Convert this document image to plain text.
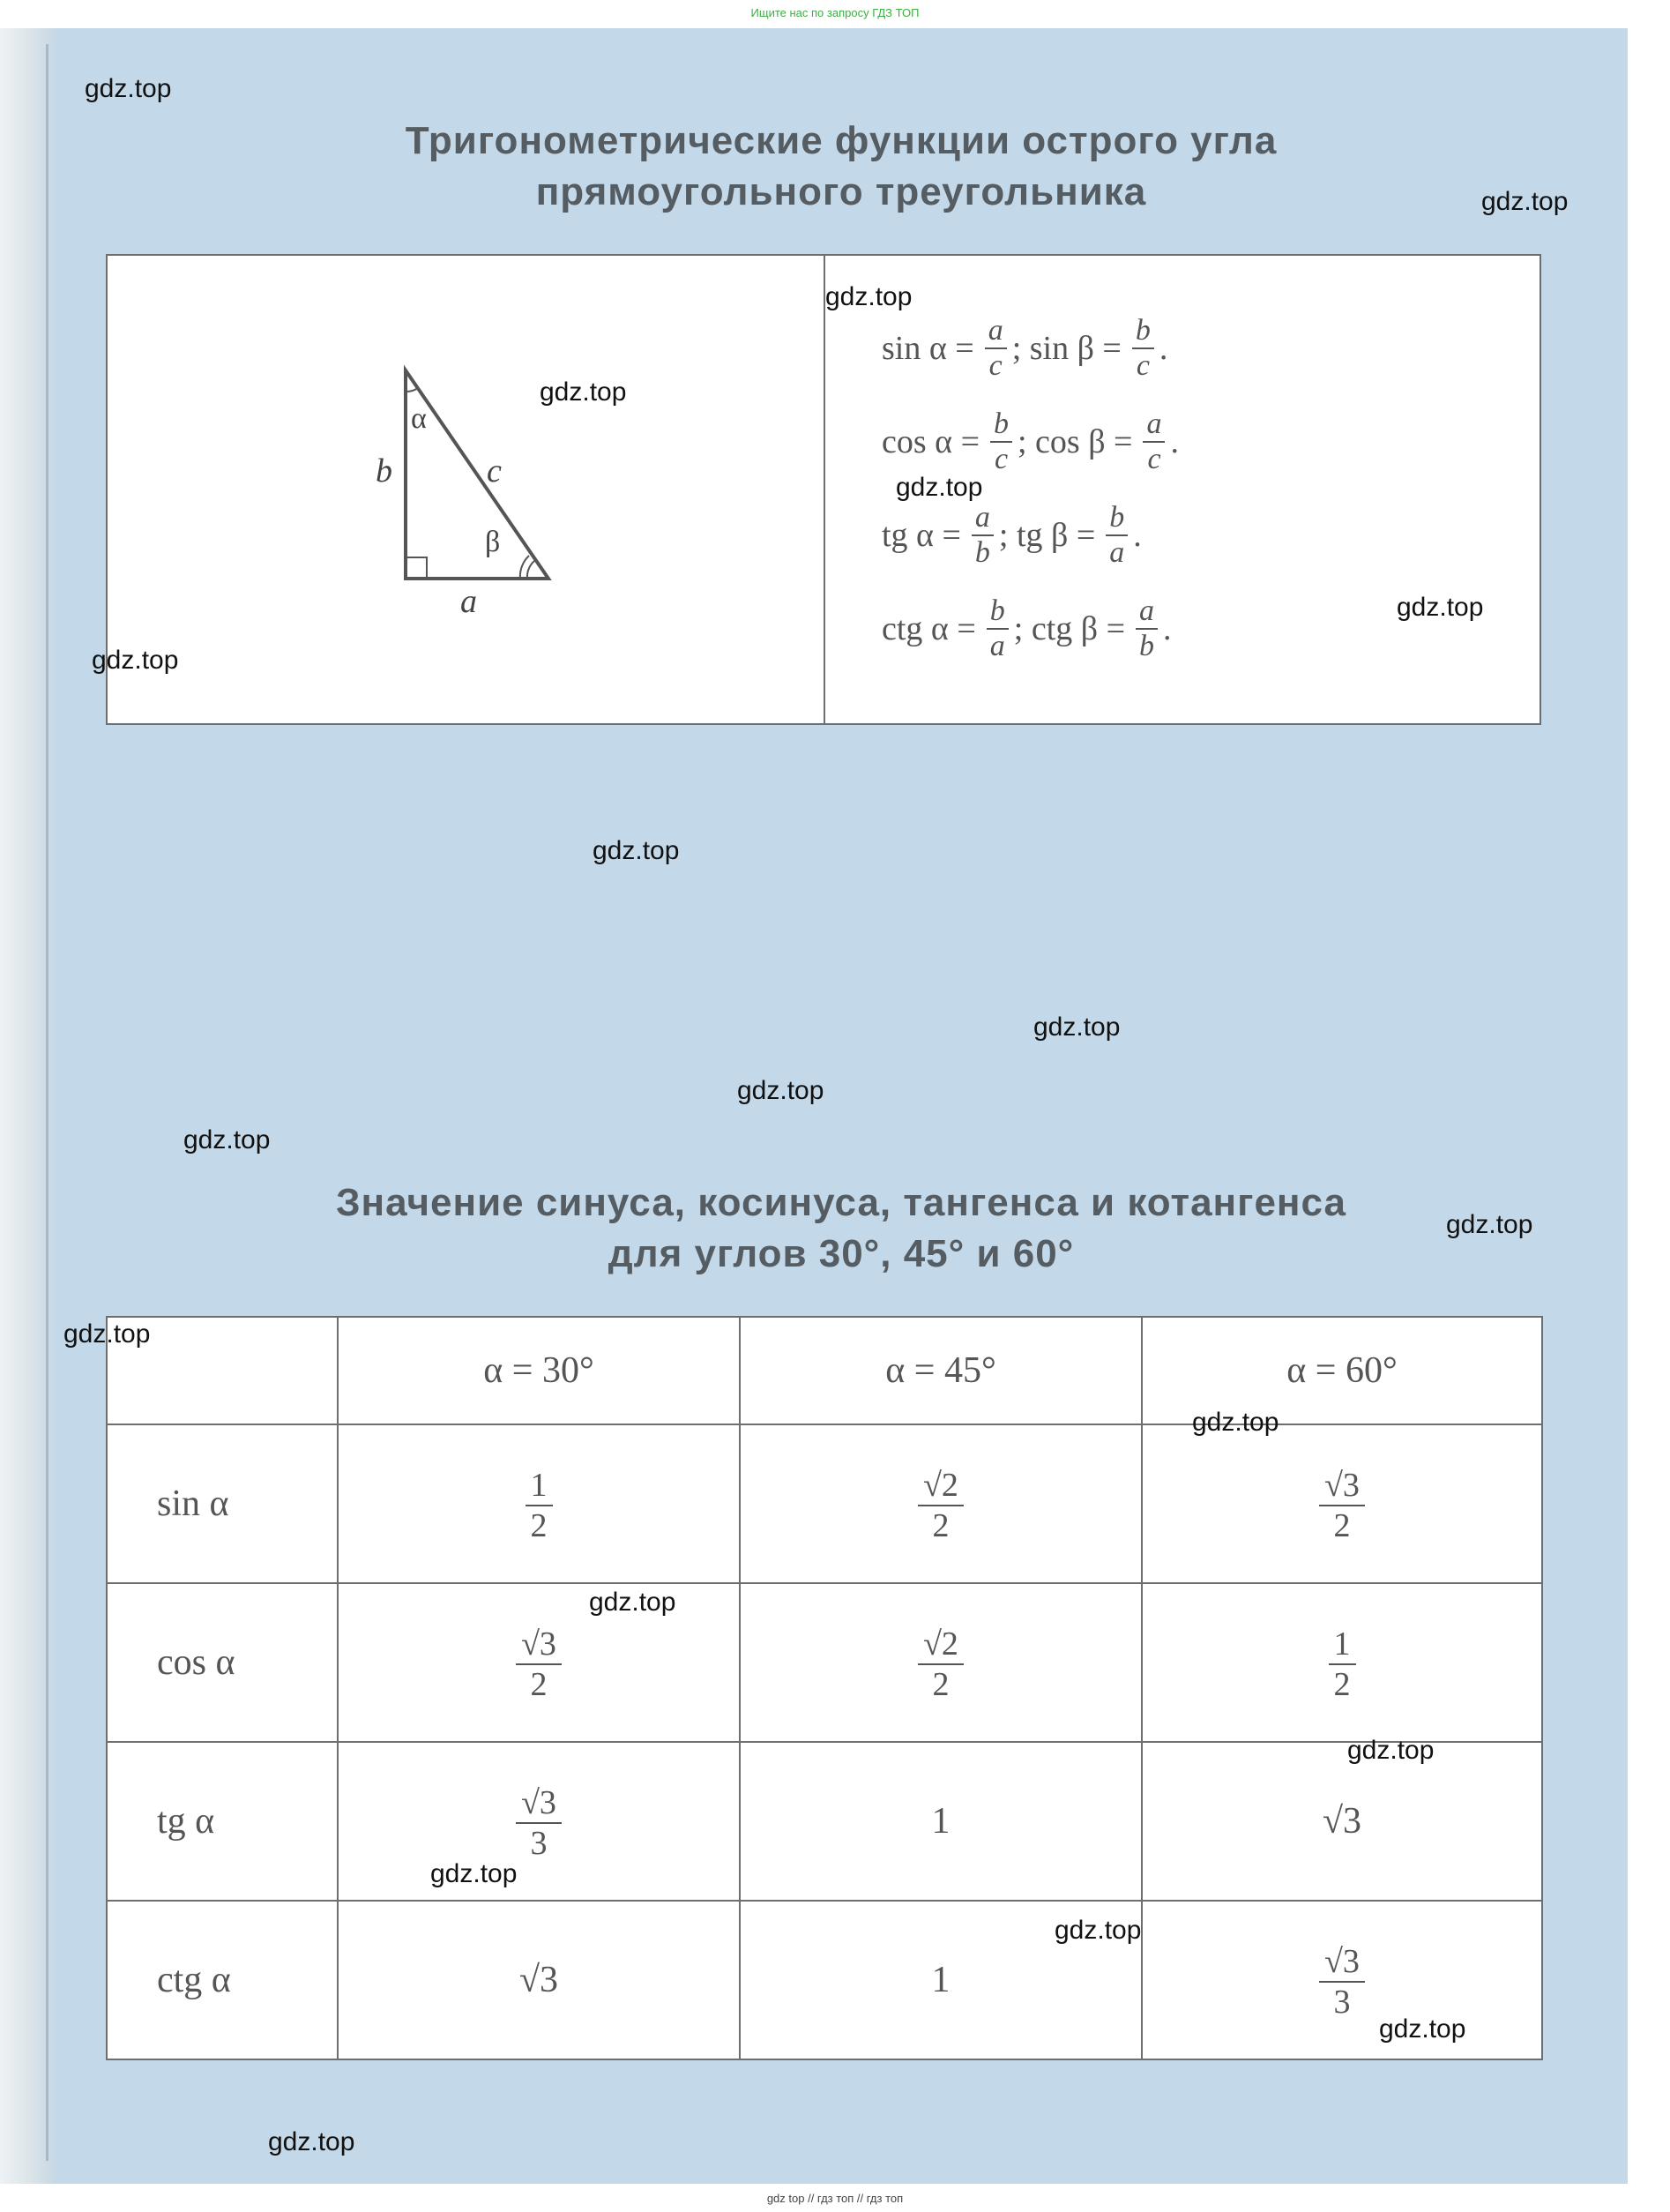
Ищите нас по запросу ГДЗ ТОП
Тригонометрические функции острого угла
прямоугольного треугольника
b	c
a
α
β
$\sin \alpha = \frac{a}{c}$ ; $\sin \beta = \frac{b}{c}$ .
$\cos \alpha = \frac{b}{c}$ ; $\cos \beta = \frac{a}{c}$ .
tg $\alpha = \frac{a}{b}$ ; tg $\beta = \frac{b}{a}$ .
ctg $\alpha = \frac{b}{a}$ ; ctg $\beta = \frac{a}{b}$ .
Значение синуса, косинуса, тангенса и котангенса
для углов 30°, 45° и 60°
	α = 30°	α = 45°	α = 60°
sin α	$\frac{1}{2}$	$\frac{√2}{2}$	$\frac{√3}{2}$

cos α	$\frac{√3}{2}$	$\frac{√2}{2}$	$\frac{1}{2}$

tg α	$\frac{√3}{3}$	1	√3
ctg α	√3	1	$\frac{√3}{3}$
gdz.top
gdz.top
gdz.top
gdz.top
gdz.top
gdz.top
gdz.top
gdz.top
gdz.top
gdz.top
gdz.top
gdz.top
gdz.top
gdz.top
gdz.top
gdz.top
gdz.top
gdz.top
gdz.top
gdz.top
gdz top // гдз топ // гдз топ
